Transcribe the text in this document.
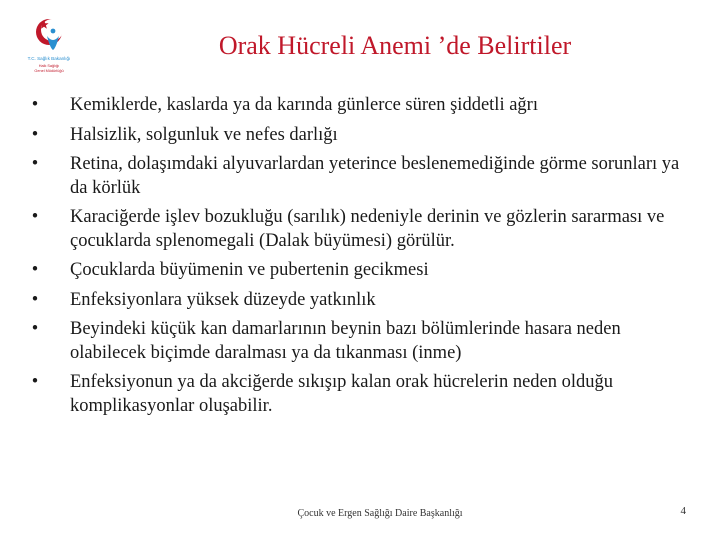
T.C. Sağlık Bakanlığı
Halk Sağlığı
Genel Müdürlüğü
Orak Hücreli Anemi ’de Belirtiler
• Kemiklerde, kaslarda ya da karında günlerce süren şiddetli ağrı
• Halsizlik, solgunluk ve nefes darlığı
• Retina, dolaşımdaki alyuvarlardan yeterince beslenemediğinde görme sorunları ya da körlük
• Karaciğerde işlev bozukluğu (sarılık) nedeniyle derinin ve gözlerin sararması ve çocuklarda splenomegali (Dalak büyümesi) görülür.
• Çocuklarda büyümenin ve pubertenin gecikmesi
• Enfeksiyonlara yüksek düzeyde yatkınlık
• Beyindeki küçük kan damarlarının beynin bazı bölümlerinde hasara neden olabilecek biçimde daralması ya da tıkanması (inme)
• Enfeksiyonun ya da akciğerde sıkışıp kalan orak hücrelerin neden olduğu komplikasyonlar oluşabilir.
Çocuk ve Ergen Sağlığı Daire Başkanlığı	4
